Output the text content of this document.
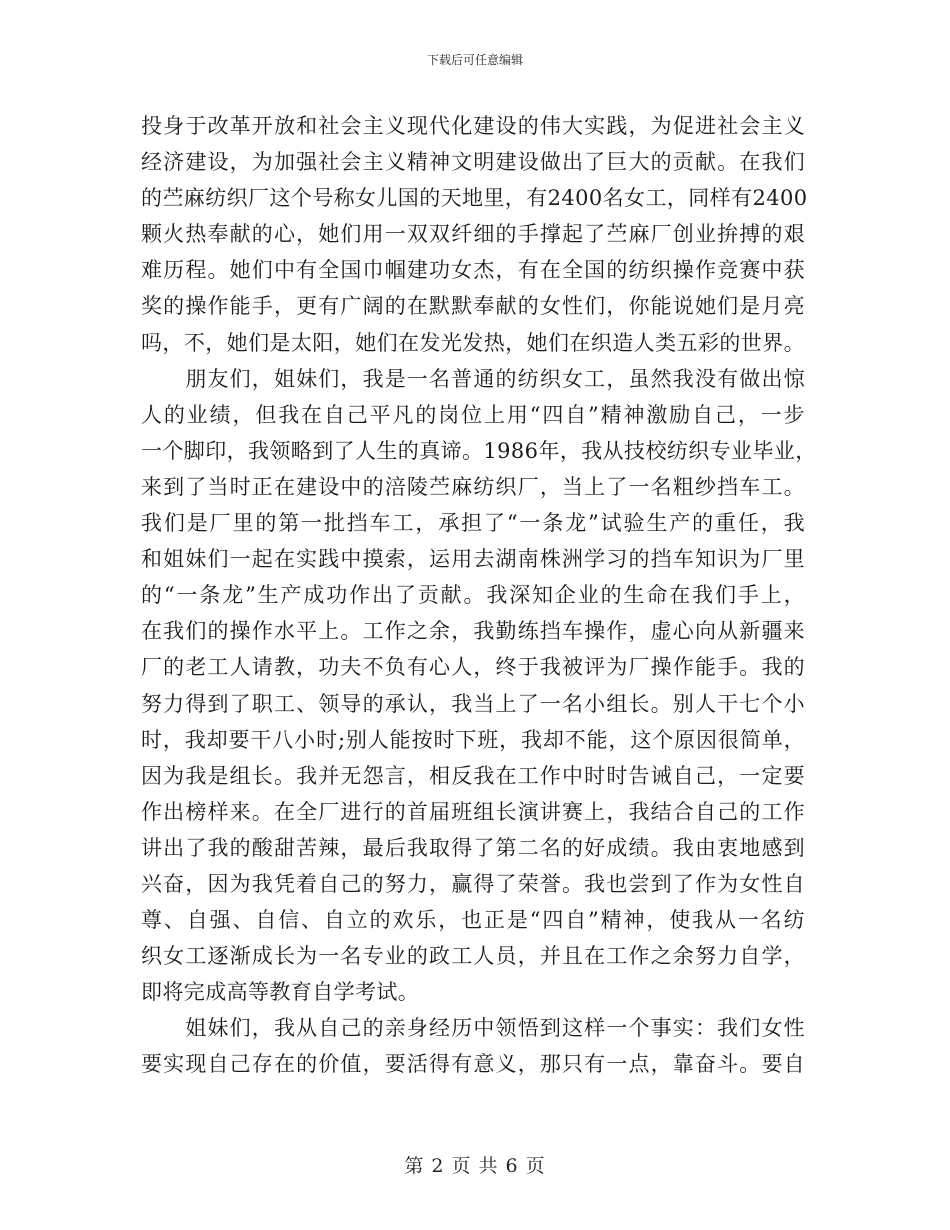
下载后可任意编辑
投身于改革开放和社会主义现代化建设的伟大实践，为促进社会主义
经济建设，为加强社会主义精神文明建设做出了巨大的贡献。在我们
的苎麻纺织厂这个号称女儿国的天地里，有2400名女工，同样有2400
颗火热奉献的心，她们用一双双纤细的手撑起了苎麻厂创业拚搏的艰
难历程。她们中有全国巾帼建功女杰，有在全国的纺织操作竞赛中获
奖的操作能手，更有广阔的在默默奉献的女性们，你能说她们是月亮
吗，不，她们是太阳，她们在发光发热，她们在织造人类五彩的世界。
　　朋友们，姐妹们，我是一名普通的纺织女工，虽然我没有做出惊
人的业绩，但我在自己平凡的岗位上用“四自”精神激励自己，一步
一个脚印，我领略到了人生的真谛。1986年，我从技校纺织专业毕业，
来到了当时正在建设中的涪陵苎麻纺织厂，当上了一名粗纱挡车工。
我们是厂里的第一批挡车工，承担了“一条龙”试验生产的重任，我
和姐妹们一起在实践中摸索，运用去湖南株洲学习的挡车知识为厂里
的“一条龙”生产成功作出了贡献。我深知企业的生命在我们手上，
在我们的操作水平上。工作之余，我勤练挡车操作，虚心向从新疆来
厂的老工人请教，功夫不负有心人，终于我被评为厂操作能手。我的
努力得到了职工、领导的承认，我当上了一名小组长。别人干七个小
时，我却要干八小时;别人能按时下班，我却不能，这个原因很简单，
因为我是组长。我并无怨言，相反我在工作中时时告诫自己，一定要
作出榜样来。在全厂进行的首届班组长演讲赛上，我结合自己的工作
讲出了我的酸甜苦辣，最后我取得了第二名的好成绩。我由衷地感到
兴奋，因为我凭着自己的努力，赢得了荣誉。我也尝到了作为女性自
尊、自强、自信、自立的欢乐，也正是“四自”精神，使我从一名纺
织女工逐渐成长为一名专业的政工人员，并且在工作之余努力自学，
即将完成高等教育自学考试。
　　姐妹们，我从自己的亲身经历中领悟到这样一个事实：我们女性
要实现自己存在的价值，要活得有意义，那只有一点，靠奋斗。要自
第 2 页 共 6 页
